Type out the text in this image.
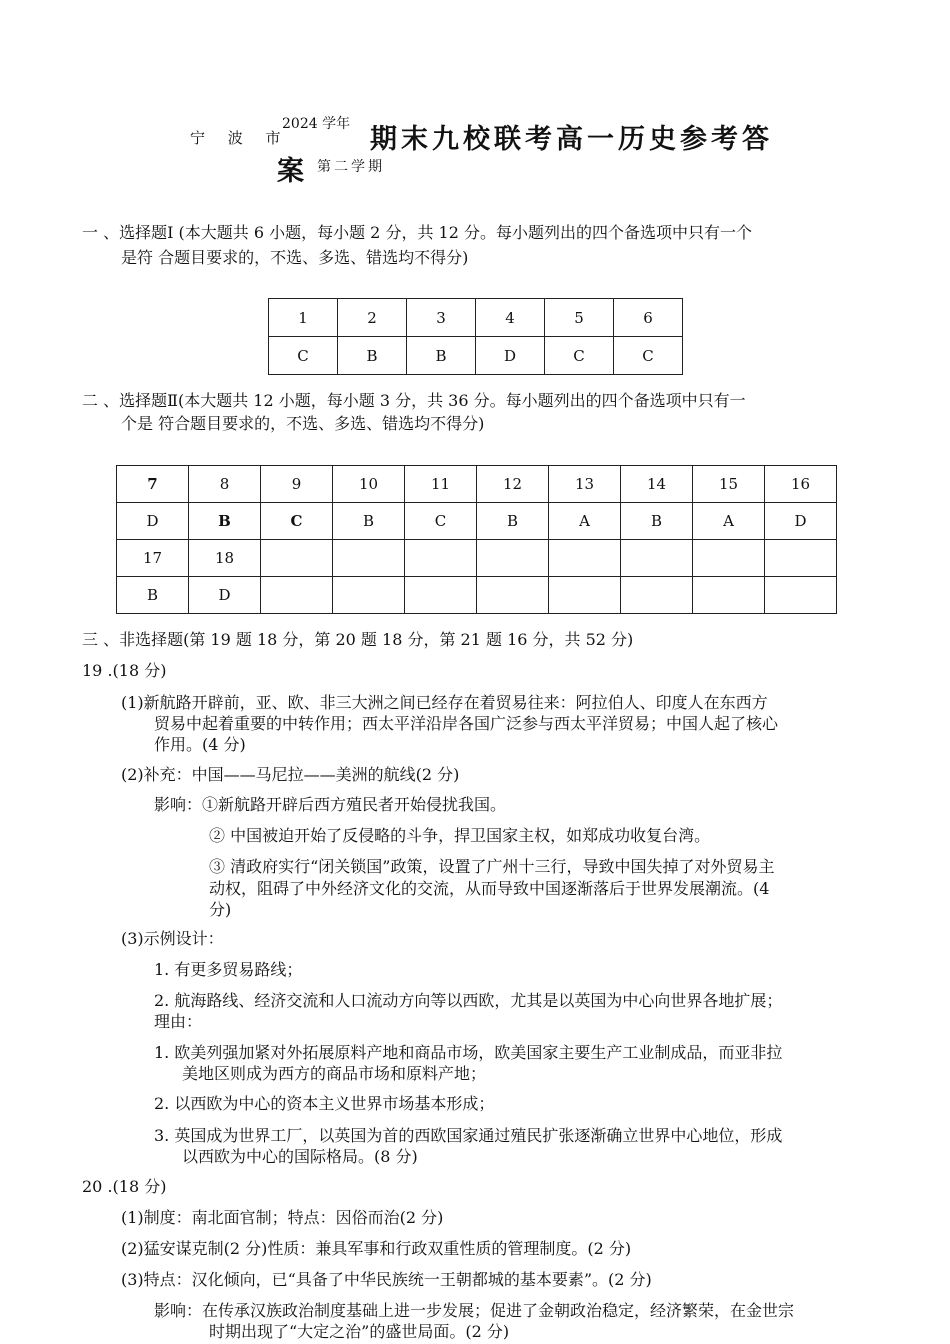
宁 波 市
2024 学年 期末九校联考高一历史参考答
案 第二学期
一 、选择题Ⅰ (本大题共 6 小题，每小题 2 分，共 12 分。每小题列出的四个备选项中只有一个
是符 合题目要求的，不选、多选、错选均不得分)
1	2	3	4	5	6
C	B	B	D	C	C
二 、选择题Ⅱ(本大题共 12 小题，每小题 3 分，共 36 分。每小题列出的四个备选项中只有一
个是 符合题目要求的，不选、多选、错选均不得分)
7	8	9	10	11	12	13	14	15	16
D	B	C	B	C	B	A	B	A	D
17	18								
B	D								
三 、非选择题(第 19 题 18 分，第 20 题 18 分，第 21 题 16 分，共 52 分)
19 .(18 分)
(1)新航路开辟前，亚、欧、非三大洲之间已经存在着贸易往来：阿拉伯人、印度人在东西方
贸易中起着重要的中转作用；西太平洋沿岸各国广泛参与西太平洋贸易；中国人起了核心
作用。(4 分)
(2)补充：中国——马尼拉——美洲的航线(2 分)
影响：①新航路开辟后西方殖民者开始侵扰我国。
② 中国被迫开始了反侵略的斗争，捍卫国家主权，如郑成功收复台湾。
③ 清政府实行“闭关锁国”政策，设置了广州十三行，导致中国失掉了对外贸易主
动权，阻碍了中外经济文化的交流，从而导致中国逐渐落后于世界发展潮流。(4
分)
(3)示例设计：
1. 有更多贸易路线；
2. 航海路线、经济交流和人口流动方向等以西欧，尤其是以英国为中心向世界各地扩展；
理由：
1. 欧美列强加紧对外拓展原料产地和商品市场，欧美国家主要生产工业制成品，而亚非拉
美地区则成为西方的商品市场和原料产地；
2. 以西欧为中心的资本主义世界市场基本形成；
3. 英国成为世界工厂，以英国为首的西欧国家通过殖民扩张逐渐确立世界中心地位，形成
以西欧为中心的国际格局。(8 分)
20 .(18 分)
(1)制度：南北面官制；特点：因俗而治(2 分)
(2)猛安谋克制(2 分)性质：兼具军事和行政双重性质的管理制度。(2 分)
(3)特点：汉化倾向，已“具备了中华民族统一王朝都城的基本要素”。(2 分)
影响：在传承汉族政治制度基础上进一步发展；促进了金朝政治稳定，经济繁荣，在金世宗
时期出现了“大定之治”的盛世局面。(2 分)
